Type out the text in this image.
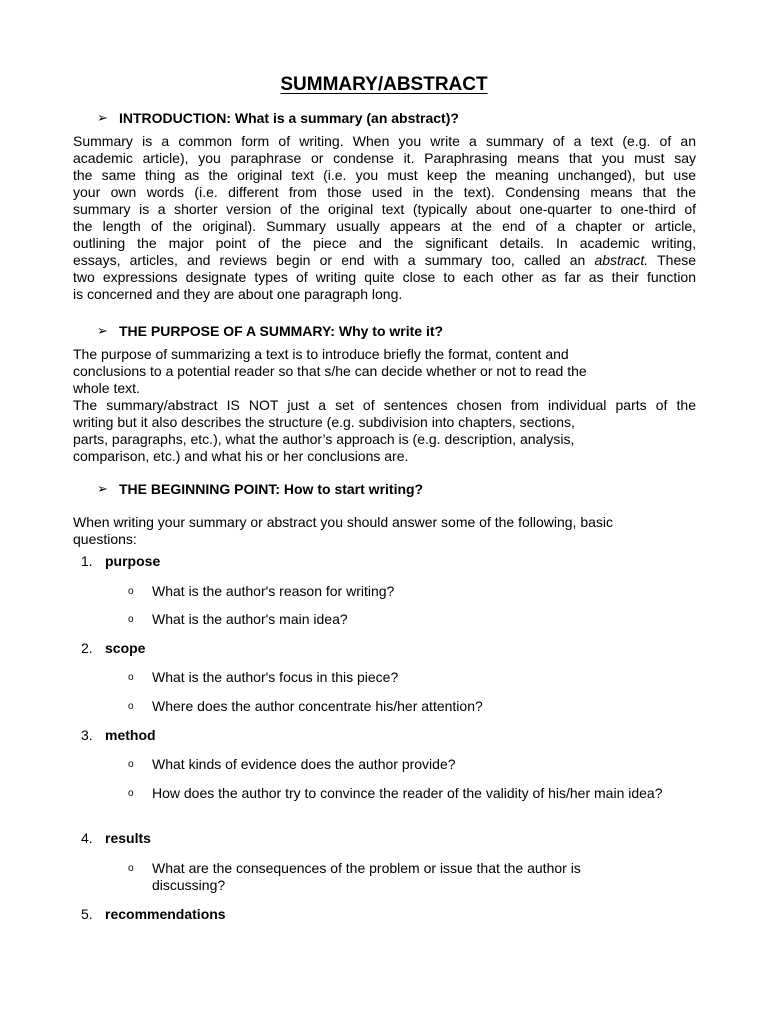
SUMMARY/ABSTRACT
➢ INTRODUCTION: What is a summary (an abstract)?
Summary is a common form of writing. When you write a summary of a text (e.g. of an
academic article), you paraphrase or condense it. Paraphrasing means that you must say
the same thing as the original text (i.e. you must keep the meaning unchanged), but use
your own words (i.e. different from those used in the text). Condensing means that the
summary is a shorter version of the original text (typically about one-quarter to one-third of
the length of the original). Summary usually appears at the end of a chapter or article,
outlining the major point of the piece and the significant details. In academic writing,
essays, articles, and reviews begin or end with a summary too, called an abstract. These
two expressions designate types of writing quite close to each other as far as their function
is concerned and they are about one paragraph long.
➢ THE PURPOSE OF A SUMMARY: Why to write it?
The purpose of summarizing a text is to introduce briefly the format, content and
conclusions to a potential reader so that s/he can decide whether or not to read the
whole text.
The summary/abstract IS NOT just a set of sentences chosen from individual parts of the
writing but it also describes the structure (e.g. subdivision into chapters, sections,
parts, paragraphs, etc.), what the author’s approach is (e.g. description, analysis,
comparison, etc.) and what his or her conclusions are.
➢ THE BEGINNING POINT: How to start writing?
When writing your summary or abstract you should answer some of the following, basic
questions:
1. purpose
o What is the author's reason for writing?
o What is the author's main idea?
2. scope
o What is the author's focus in this piece?
o Where does the author concentrate his/her attention?
3. method
o What kinds of evidence does the author provide?
o How does the author try to convince the reader of the validity of his/her main idea?
4. results
o What are the consequences of the problem or issue that the author is discussing?
5. recommendations
